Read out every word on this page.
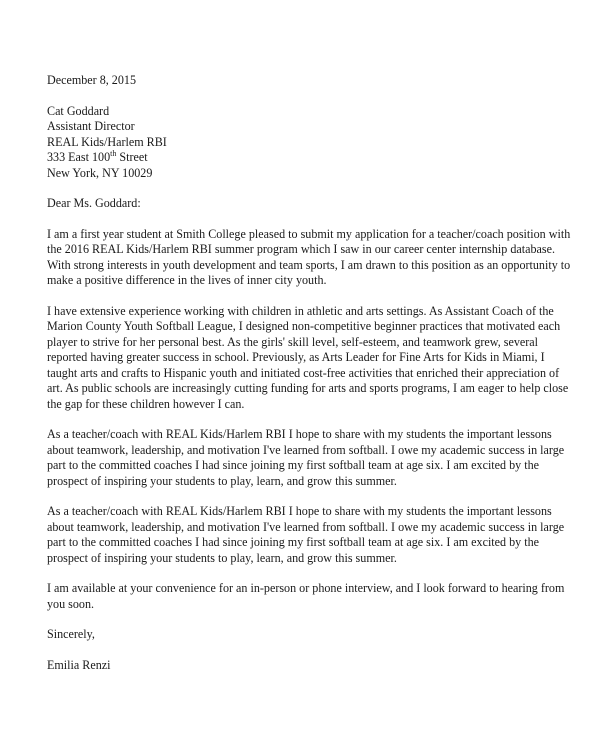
December 8, 2015
Cat Goddard
Assistant Director
REAL Kids/Harlem RBI
333 East 100th Street
New York, NY 10029
Dear Ms. Goddard:
I am a first year student at Smith College pleased to submit my application for a teacher/coach position with the 2016 REAL Kids/Harlem RBI summer program which I saw in our career center internship database. With strong interests in youth development and team sports, I am drawn to this position as an opportunity to make a positive difference in the lives of inner city youth.
I have extensive experience working with children in athletic and arts settings. As Assistant Coach of the Marion County Youth Softball League, I designed non-competitive beginner practices that motivated each player to strive for her personal best. As the girls' skill level, self-esteem, and teamwork grew, several reported having greater success in school. Previously, as Arts Leader for Fine Arts for Kids in Miami, I taught arts and crafts to Hispanic youth and initiated cost-free activities that enriched their appreciation of art. As public schools are increasingly cutting funding for arts and sports programs, I am eager to help close the gap for these children however I can.
As a teacher/coach with REAL Kids/Harlem RBI I hope to share with my students the important lessons about teamwork, leadership, and motivation I've learned from softball. I owe my academic success in large part to the committed coaches I had since joining my first softball team at age six. I am excited by the prospect of inspiring your students to play, learn, and grow this summer.
As a teacher/coach with REAL Kids/Harlem RBI I hope to share with my students the important lessons about teamwork, leadership, and motivation I've learned from softball. I owe my academic success in large part to the committed coaches I had since joining my first softball team at age six. I am excited by the prospect of inspiring your students to play, learn, and grow this summer.
I am available at your convenience for an in-person or phone interview, and I look forward to hearing from you soon.
Sincerely,
Emilia Renzi
